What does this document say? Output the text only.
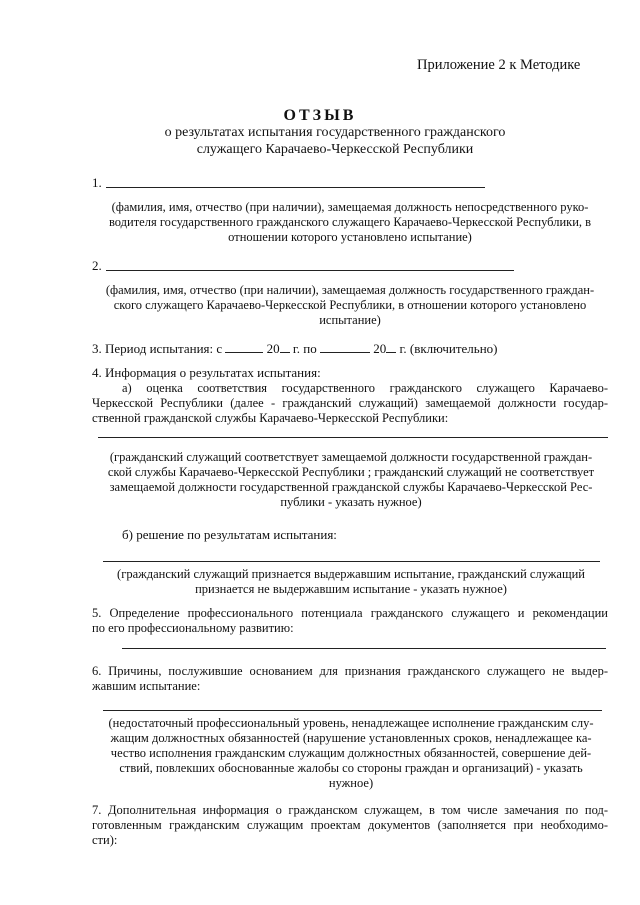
Приложение 2 к Методике
ОТЗЫВ
о результатах испытания государственного гражданского
служащего Карачаево-Черкесской Республики
1.
(фамилия, имя, отчество (при наличии), замещаемая должность непосредственного руко-
водителя государственного гражданского служащего Карачаево-Черкесской Республики, в
отношении которого установлено испытание)
2.
(фамилия, имя, отчество (при наличии), замещаемая должность государственного граждан-
ского служащего Карачаево-Черкесской Республики, в отношении которого установлено
испытание)
3. Период испытания: с	20 г. по	20 г. (включительно)
4. Информация о результатах испытания:
а) оценка соответствия государственного гражданского служащего Карачаево-
Черкесской Республики (далее - гражданский служащий) замещаемой должности государ-
ственной гражданской службы Карачаево-Черкесской Республики:
(гражданский служащий соответствует замещаемой должности государственной граждан-
ской службы Карачаево-Черкесской Республики ; гражданский служащий не соответствует
замещаемой должности государственной гражданской службы Карачаево-Черкесской Рес-
публики - указать нужное)
б) решение по результатам испытания:
(гражданский служащий признается выдержавшим испытание, гражданский служащий
признается не выдержавшим испытание - указать нужное)
5. Определение профессионального потенциала гражданского служащего и рекомендации
по его профессиональному развитию:
6. Причины, послужившие основанием для признания гражданского служащего не выдер-
жавшим испытание:
(недостаточный профессиональный уровень, ненадлежащее исполнение гражданским слу-
жащим должностных обязанностей (нарушение установленных сроков, ненадлежащее ка-
чество исполнения гражданским служащим должностных обязанностей, совершение дей-
ствий, повлекших обоснованные жалобы со стороны граждан и организаций) - указать
нужное)
7. Дополнительная информация о гражданском служащем, в том числе замечания по под-
готовленным гражданским служащим проектам документов (заполняется при необходимо-
сти):
